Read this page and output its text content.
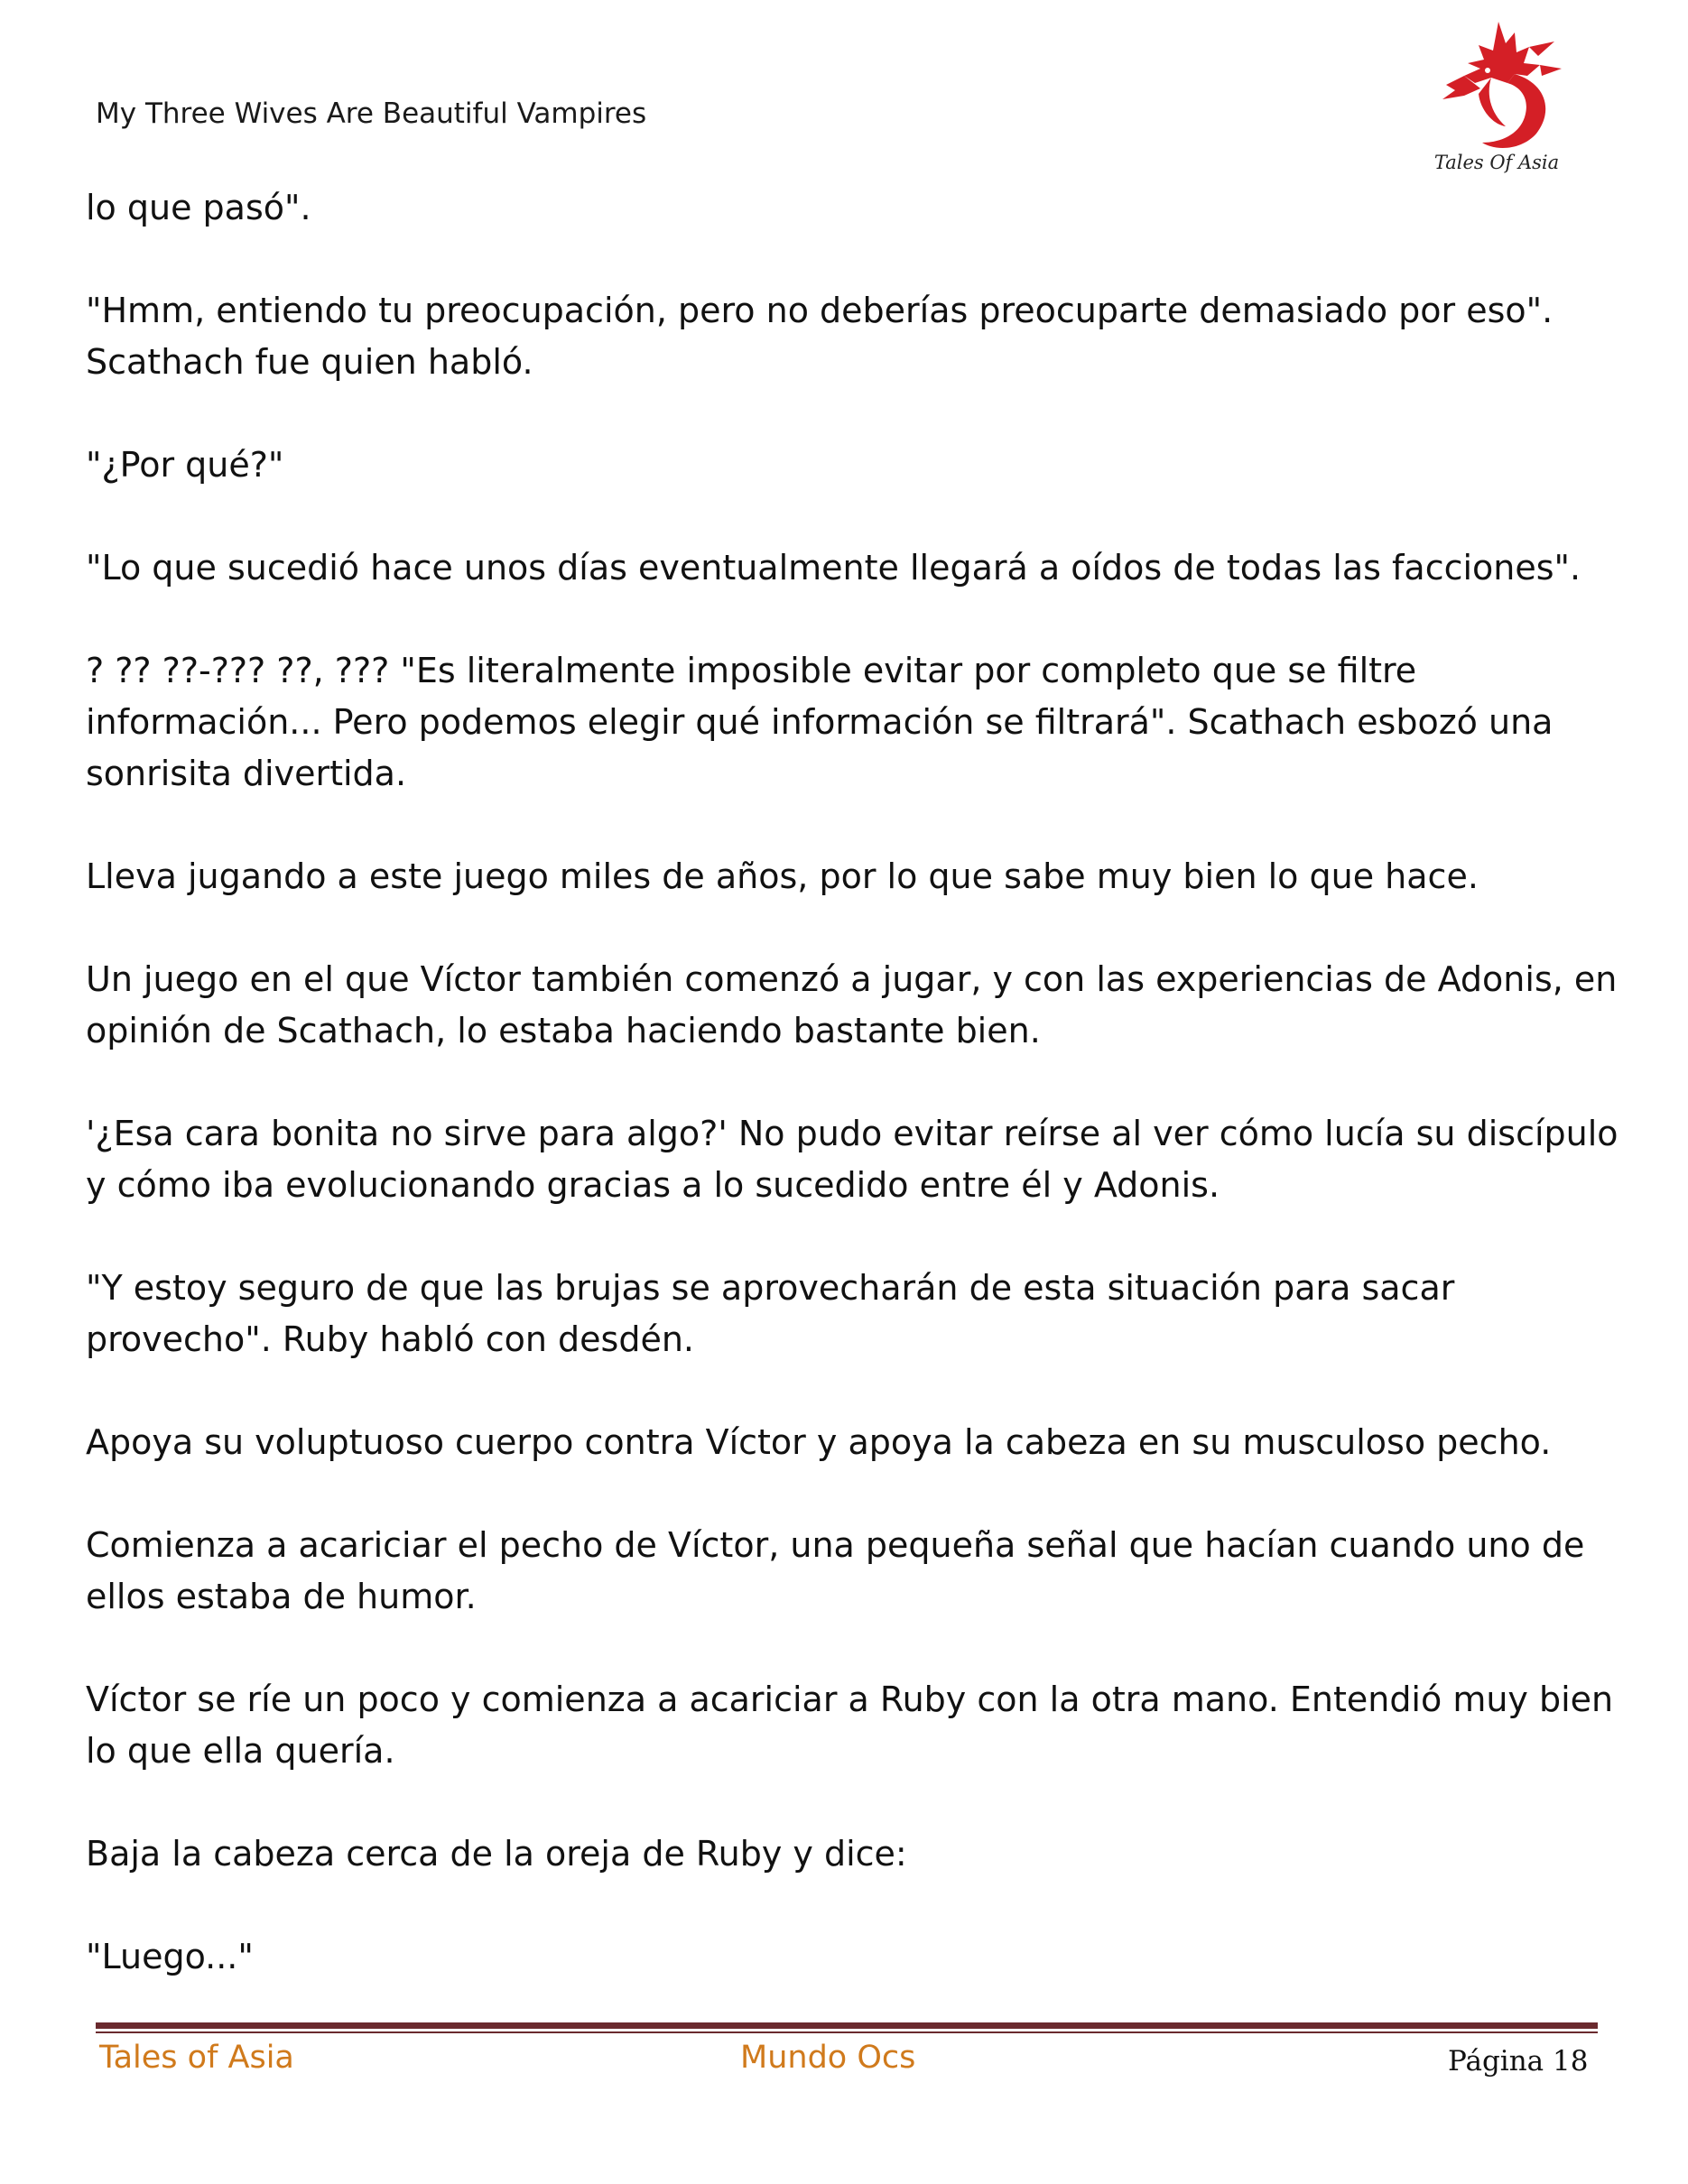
My Three Wives Are Beautiful Vampires
Tales Of Asia

lo que pasó".

"Hmm, entiendo tu preocupación, pero no deberías preocuparte demasiado por eso". Scathach fue quien habló.

"¿Por qué?"

"Lo que sucedió hace unos días eventualmente llegará a oídos de todas las facciones".

? ?? ??-??? ??, ??? "Es literalmente imposible evitar por completo que se filtre información... Pero podemos elegir qué información se filtrará". Scathach esbozó una sonrisita divertida.

Lleva jugando a este juego miles de años, por lo que sabe muy bien lo que hace.

Un juego en el que Víctor también comenzó a jugar, y con las experiencias de Adonis, en opinión de Scathach, lo estaba haciendo bastante bien.

'¿Esa cara bonita no sirve para algo?' No pudo evitar reírse al ver cómo lucía su discípulo y cómo iba evolucionando gracias a lo sucedido entre él y Adonis.

"Y estoy seguro de que las brujas se aprovecharán de esta situación para sacar provecho". Ruby habló con desdén.

Apoya su voluptuoso cuerpo contra Víctor y apoya la cabeza en su musculoso pecho.

Comienza a acariciar el pecho de Víctor, una pequeña señal que hacían cuando uno de ellos estaba de humor.

Víctor se ríe un poco y comienza a acariciar a Ruby con la otra mano. Entendió muy bien lo que ella quería.

Baja la cabeza cerca de la oreja de Ruby y dice:

"Luego..."

Tales of Asia	Mundo Ocs	Página 18
